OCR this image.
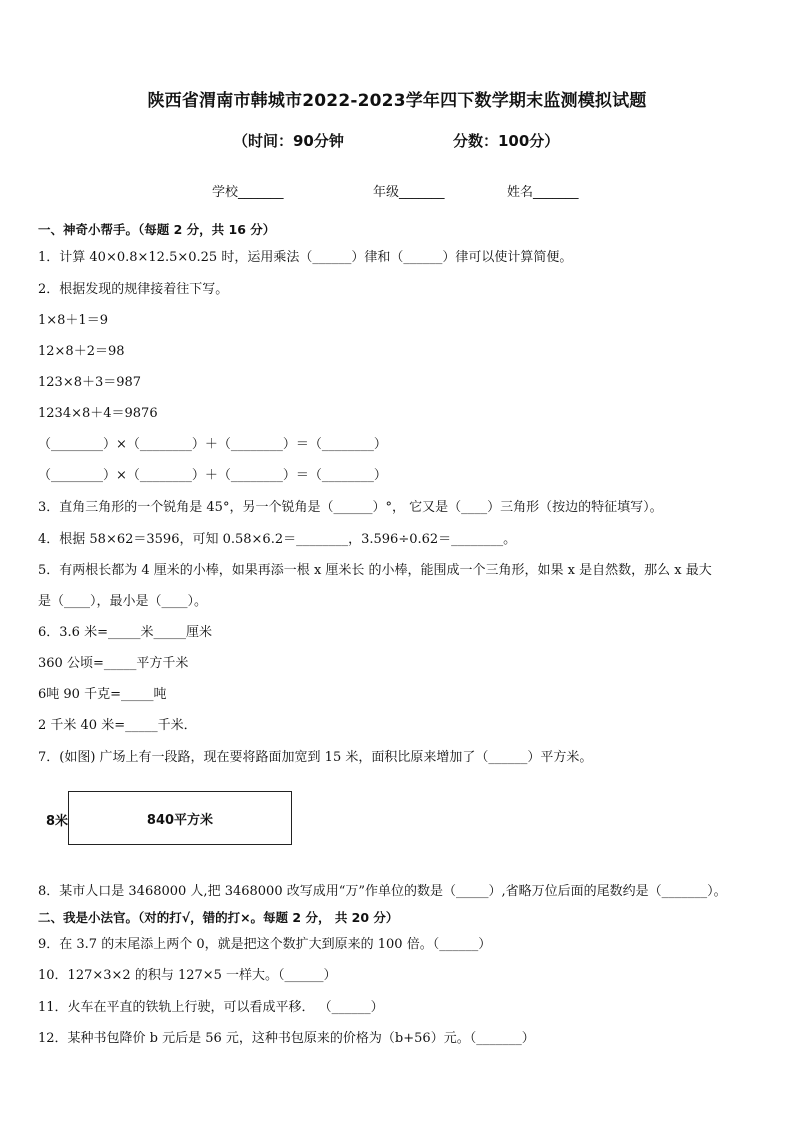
陕西省渭南市韩城市2022-2023学年四下数学期末监测模拟试题
（时间：90分钟	分数：100分）
学校_______	年级_______	姓名_______
一、神奇小帮手。（每题 2 分，共 16 分）
1．计算 40×0.8×12.5×0.25 时，运用乘法（______）律和（______）律可以使计算简便。
2．根据发现的规律接着往下写。
1×8＋1＝9
12×8＋2＝98
123×8＋3＝987
1234×8＋4＝9876
（________）×（________）＋（________）＝（________）
（________）×（________）＋（________）＝（________）
3．直角三角形的一个锐角是 45°，另一个锐角是（______）°， 它又是（____）三角形（按边的特征填写）。
4．根据 58×62＝3596，可知 0.58×6.2＝________，3.596÷0.62＝________。
5．有两根长都为 4 厘米的小棒，如果再添一根 x 厘米长 的小棒，能围成一个三角形，如果 x 是自然数，那么 x 最大
是（____），最小是（____）。
6．3.6 米=_____米_____厘米
360 公顷=_____平方千米
6吨 90 千克=_____吨
2 千米 40 米=_____千米．
7．(如图) 广场上有一段路，现在要将路面加宽到 15 米，面积比原来增加了（______）平方米。
8米	840平方米
8．某市人口是 3468000 人,把 3468000 改写成用“万”作单位的数是（_____）,省略万位后面的尾数约是（_______）。
二、我是小法官。（对的打√，错的打×。每题 2 分， 共 20 分）
9．在 3.7 的末尾添上两个 0，就是把这个数扩大到原来的 100 倍。（______）
10．127×3×2 的积与 127×5 一样大。（______）
11．火车在平直的铁轨上行驶，可以看成平移． （______）
12．某种书包降价 b 元后是 56 元，这种书包原来的价格为（b+56）元。（_______）
